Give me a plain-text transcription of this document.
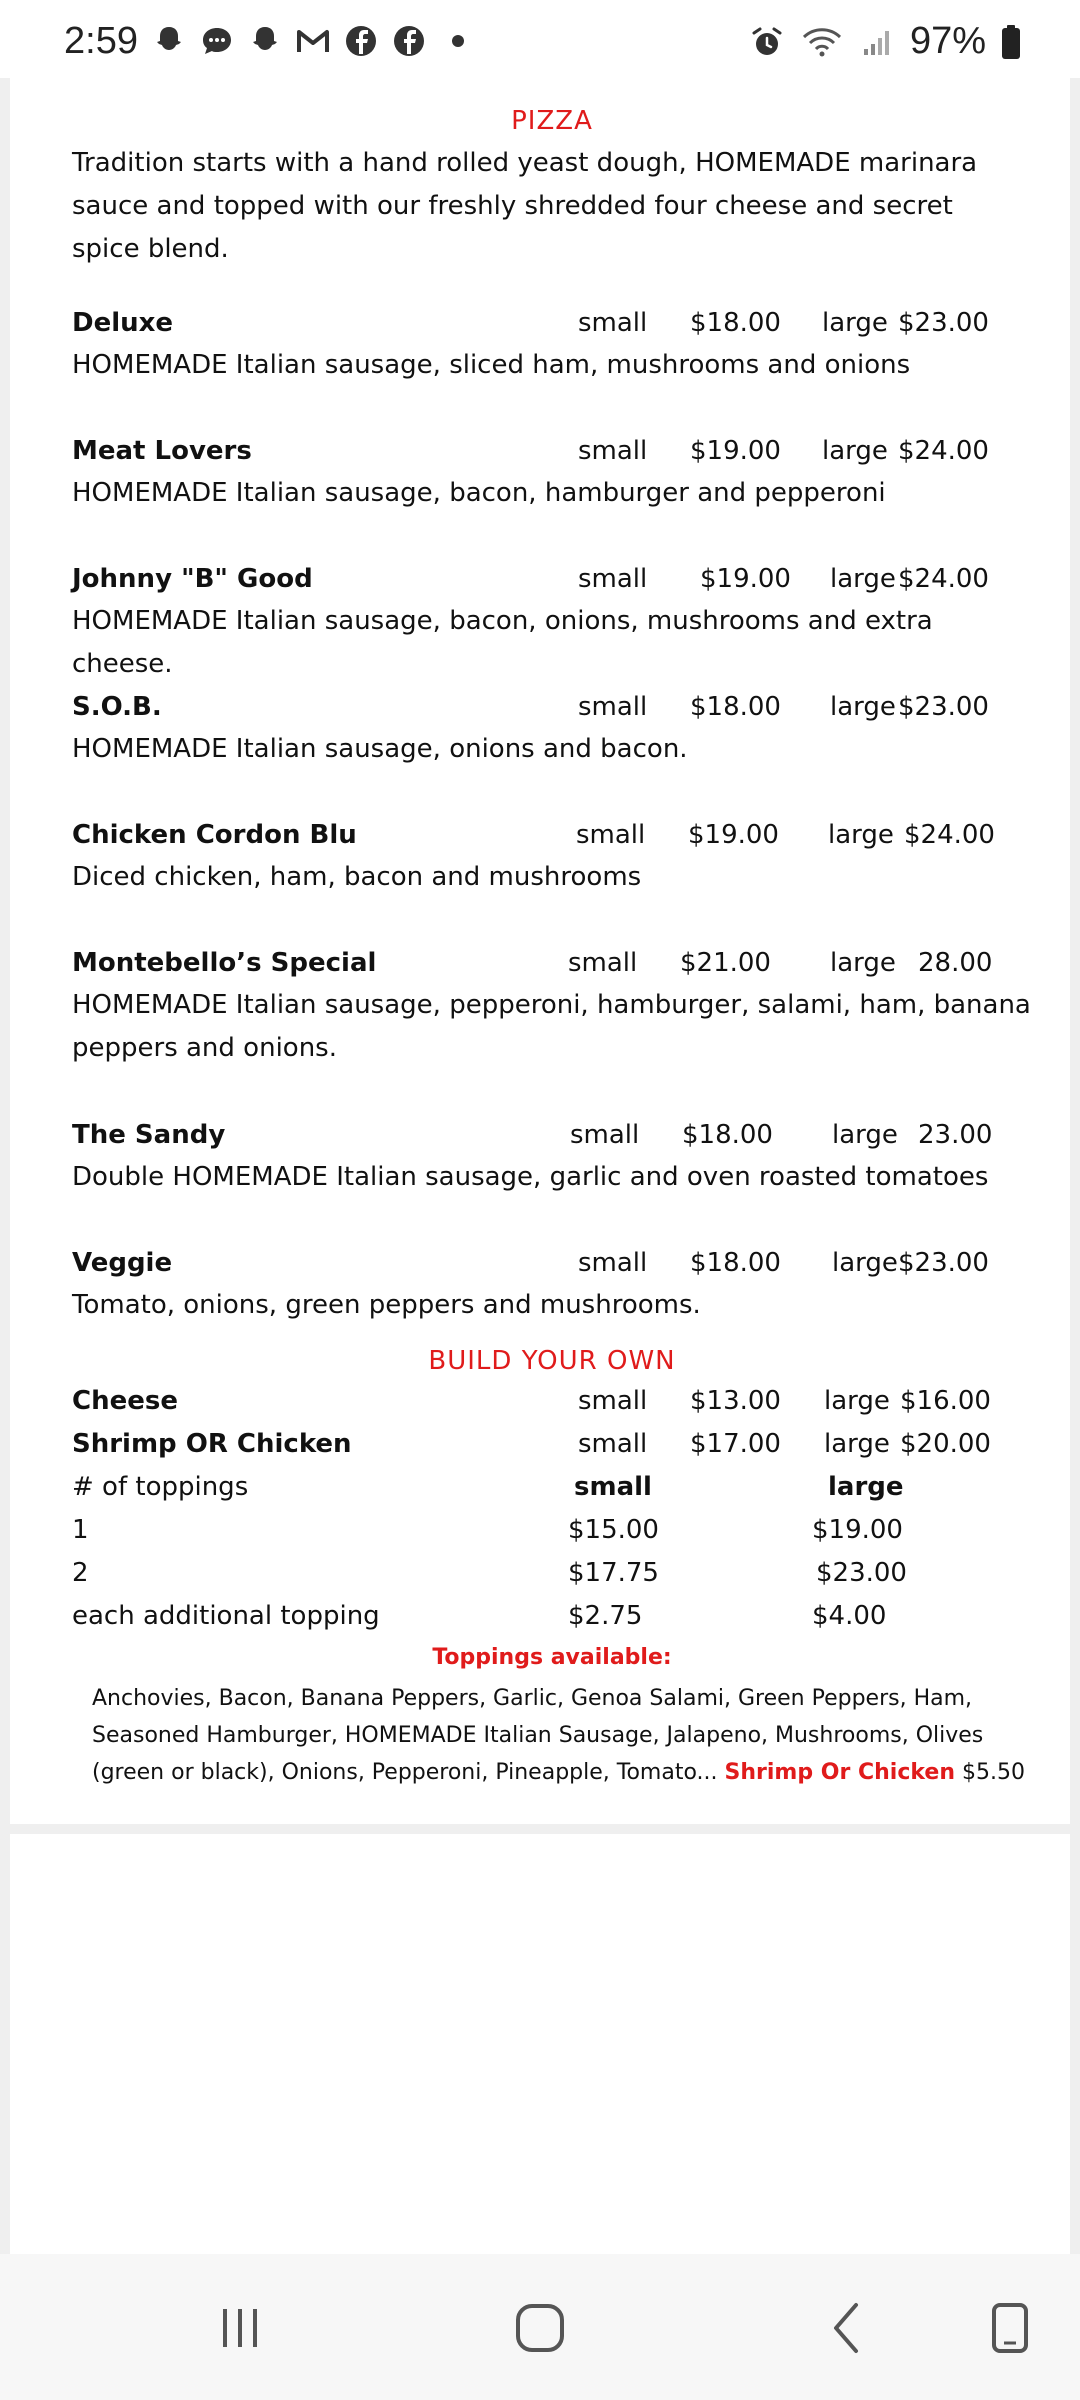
2:59	97%
PIZZA
Tradition starts with a hand rolled yeast dough, HOMEMADE marinara sauce and topped with our freshly shredded four cheese and secret spice blend.
Deluxe	small $18.00 large $23.00
HOMEMADE Italian sausage, sliced ham, mushrooms and onions
Meat Lovers	small $19.00 large $24.00
HOMEMADE Italian sausage, bacon, hamburger and pepperoni
Johnny "B" Good	small $19.00 large $24.00
HOMEMADE Italian sausage, bacon, onions, mushrooms and extra cheese.
S.O.B.	small $18.00 large $23.00
HOMEMADE Italian sausage, onions and bacon.
Chicken Cordon Blu	small $19.00 large $24.00
Diced chicken, ham, bacon and mushrooms
Montebello’s Special	small $21.00 large 28.00
HOMEMADE Italian sausage, pepperoni, hamburger, salami, ham, banana peppers and onions.
The Sandy	small $18.00 large 23.00
Double HOMEMADE Italian sausage, garlic and oven roasted tomatoes
Veggie	small $18.00 large $23.00
Tomato, onions, green peppers and mushrooms.
BUILD YOUR OWN
Cheese	small $13.00 large $16.00
Shrimp OR Chicken	small $17.00 large $20.00
# of toppings	small	large
1	$15.00	$19.00
2	$17.75	$23.00
each additional topping	$2.75	$4.00
Toppings available:
Anchovies, Bacon, Banana Peppers, Garlic, Genoa Salami, Green Peppers, Ham, Seasoned Hamburger, HOMEMADE Italian Sausage, Jalapeno, Mushrooms, Olives (green or black), Onions, Pepperoni, Pineapple, Tomato... Shrimp Or Chicken $5.50
